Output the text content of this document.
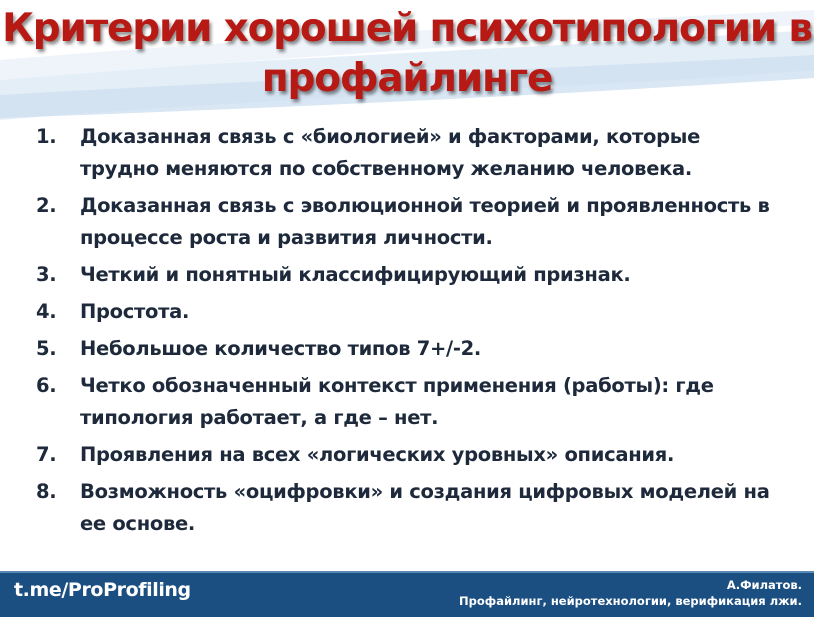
Критерии хорошей психотипологии в
профайлинге
1.	Доказанная связь с «биологией» и факторами, которые трудно меняются по собственному желанию человека.
2.	Доказанная связь с эволюционной теорией и проявленность в процессе роста и развития личности.
3.	Четкий и понятный классифицирующий признак.
4.	Простота.
5.	Небольшое количество типов 7+/-2.
6.	Четко обозначенный контекст применения (работы): где типология работает, а где – нет.
7.	Проявления на всех «логических уровных» описания.
8.	Возможность «оцифровки» и создания цифровых моделей на ее основе.
t.me/ProProfiling	А.Филатов.
Профайлинг, нейротехнологии, верификация лжи.
